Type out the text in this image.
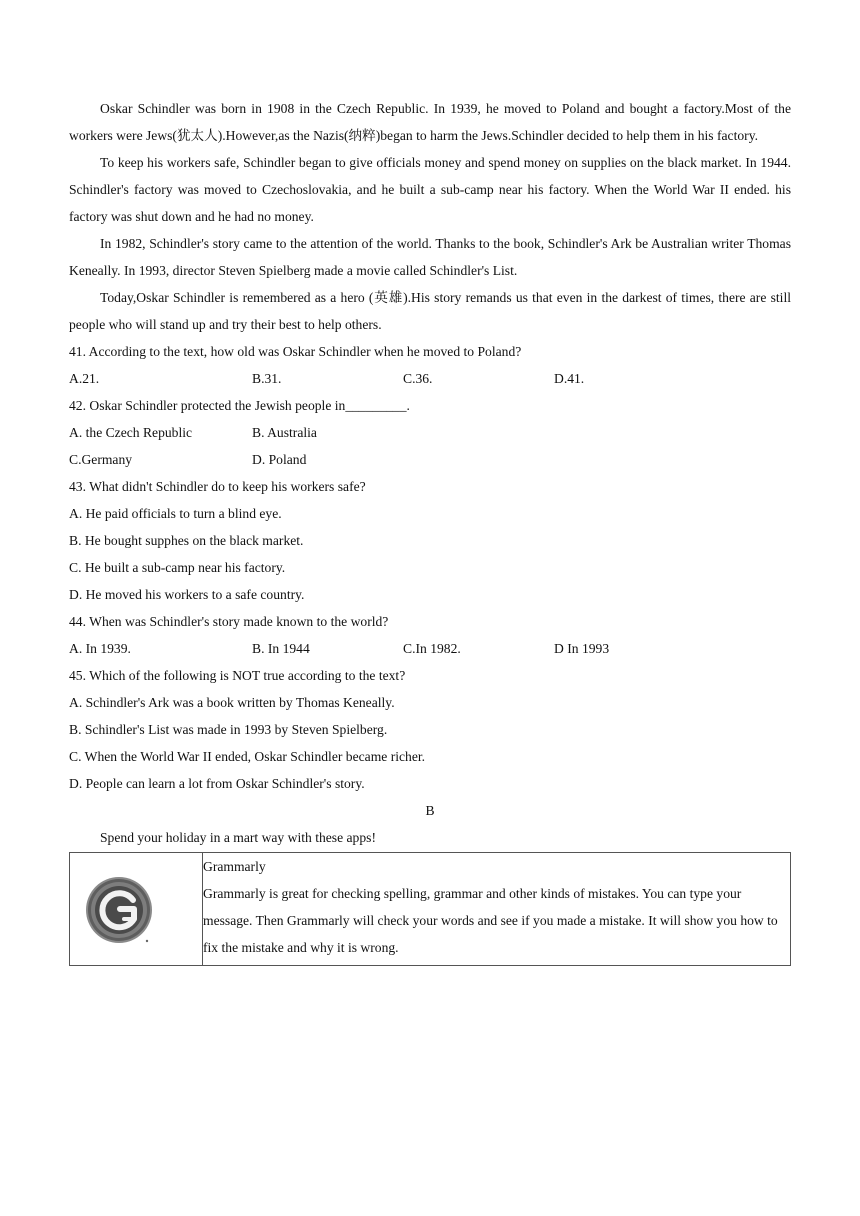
Oskar Schindler was born in 1908 in the Czech Republic. In 1939, he moved to Poland and bought a factory.Most of the workers were Jews(犹太人).However,as the Nazis(纳粹)began to harm the Jews.Schindler decided to help them in his factory.

To keep his workers safe, Schindler began to give officials money and spend money on supplies on the black market. In 1944. Schindler's factory was moved to Czechoslovakia, and he built a sub-camp near his factory. When the World War II ended. his factory was shut down and he had no money.

In 1982, Schindler's story came to the attention of the world. Thanks to the book, Schindler's Ark be Australian writer Thomas Keneally. In 1993, director Steven Spielberg made a movie called Schindler's List.

Today,Oskar Schindler is remembered as a hero (英雄).His story remands us that even in the darkest of times, there are still people who will stand up and try their best to help others.

41. According to the text, how old was Oskar Schindler when he moved to Poland?
A.21.	B.31.	C.36.	D.41.
42. Oskar Schindler protected the Jewish people in_________.
A. the Czech Republic	B. Australia
C.Germany	D. Poland
43. What didn't Schindler do to keep his workers safe?
A. He paid officials to turn a blind eye.
B. He bought supphes on the black market.
C. He built a sub-camp near his factory.
D. He moved his workers to a safe country.
44. When was Schindler's story made known to the world?
A. In 1939.	B. In 1944	C.In 1982.	D In 1993
45. Which of the following is NOT true according to the text?
A. Schindler's Ark was a book written by Thomas Keneally.
B. Schindler's List was made in 1993 by Steven Spielberg.
C. When the World War II ended, Oskar Schindler became richer.
D. People can learn a lot from Oskar Schindler's story.
B
Spend your holiday in a mart way with these apps!

Grammarly
Grammarly is great for checking spelling, grammar and other kinds of mistakes. You can type your message. Then Grammarly will check your words and see if you made a mistake. It will show you how to fix the mistake and why it is wrong.
